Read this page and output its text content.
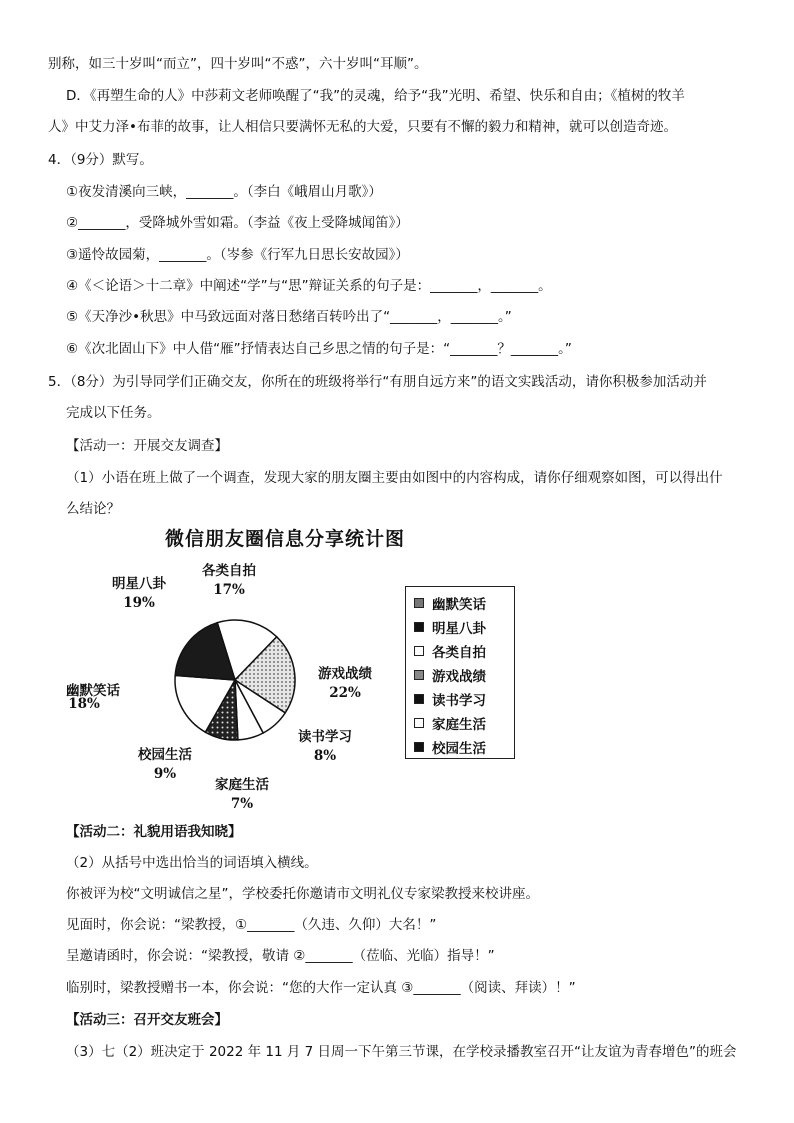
别称，如三十岁叫“而立”，四十岁叫“不惑”，六十岁叫“耳顺”。
D．《再塑生命的人》中莎莉文老师唤醒了“我”的灵魂，给予“我”光明、希望、快乐和自由；《植树的牧羊
人》中艾力泽•布菲的故事，让人相信只要满怀无私的大爱，只要有不懈的毅力和精神，就可以创造奇迹。
4．（9分）默写。
①夜发清溪向三峡，_______。（李白《峨眉山月歌》）
②_______，受降城外雪如霜。（李益《夜上受降城闻笛》）
③遥怜故园菊，_______。（岑参《行军九日思长安故园》）
④《＜论语＞十二章》中阐述“学”与“思”辩证关系的句子是：_______，_______。
⑤《天净沙•秋思》中马致远面对落日愁绪百转吟出了“_______，_______。”
⑥《次北固山下》中人借“雁”抒情表达自己乡思之情的句子是：“_______？_______。”
5．（8分）为引导同学们正确交友，你所在的班级将举行“有朋自远方来”的语文实践活动，请你积极参加活动并
完成以下任务。
【活动一：开展交友调查】
（1）小语在班上做了一个调查，发现大家的朋友圈主要由如图中的内容构成，请你仔细观察如图，可以得出什
么结论？
微信朋友圈信息分享统计图
各类自拍
17%
明星八卦
19%
游戏战绩
22%
幽默笑话
18%
读书学习
8%
校园生活
9%
家庭生活
7%
幽默笑话
明星八卦
各类自拍
游戏战绩
读书学习
家庭生活
校园生活
【活动二：礼貌用语我知晓】
（2）从括号中选出恰当的词语填入横线。
你被评为校“文明诚信之星”，学校委托你邀请市文明礼仪专家梁教授来校讲座。
见面时，你会说：“梁教授，①_______（久违、久仰）大名！”
呈邀请函时，你会说：“梁教授，敬请 ②_______（莅临、光临）指导！”
临别时，梁教授赠书一本，你会说：“您的大作一定认真 ③_______（阅读、拜读）！”
【活动三：召开交友班会】
（3）七（2）班决定于 2022 年 11 月 7 日周一下午第三节课，在学校录播教室召开“让友谊为青春增色”的班会
